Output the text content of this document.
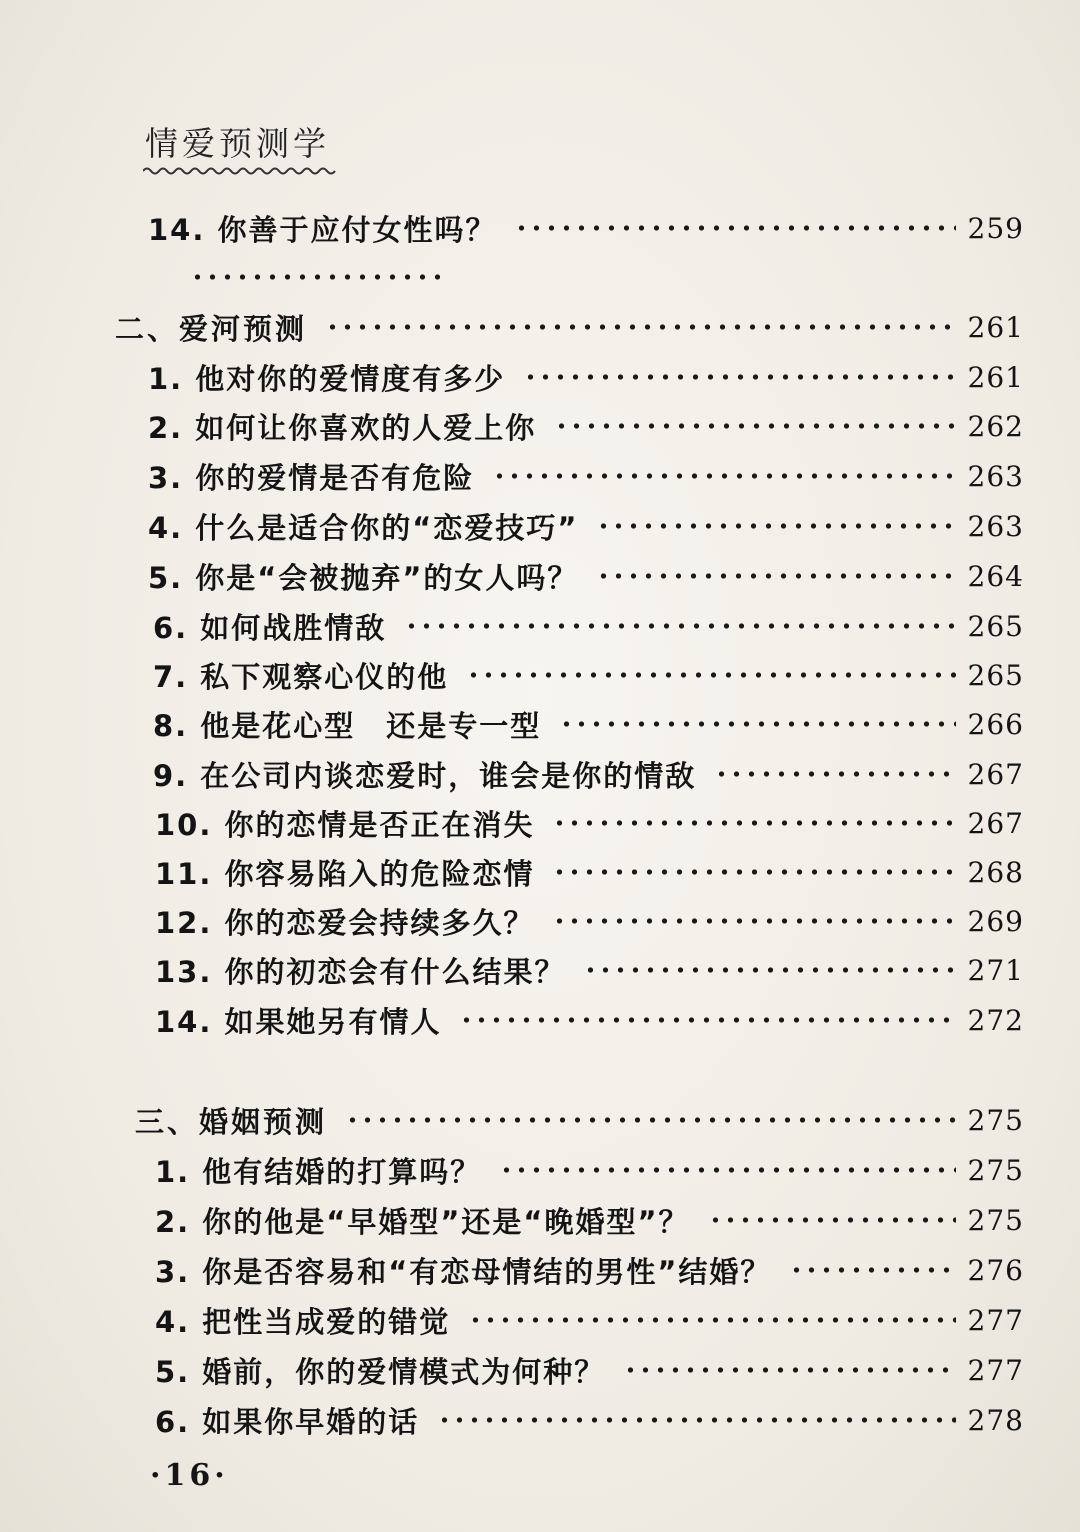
情爱预测学
14. 你善于应付女性吗？	259
二、爱河预测	261
1. 他对你的爱情度有多少	261
2. 如何让你喜欢的人爱上你	262
3. 你的爱情是否有危险	263
4. 什么是适合你的“恋爱技巧”	263
5. 你是“会被抛弃”的女人吗？	264
6. 如何战胜情敌	265
7. 私下观察心仪的他	265
8. 他是花心型　还是专一型	266
9. 在公司内谈恋爱时，谁会是你的情敌	267
10. 你的恋情是否正在消失	267
11. 你容易陷入的危险恋情	268
12. 你的恋爱会持续多久？	269
13. 你的初恋会有什么结果？	271
14. 如果她另有情人	272
三、婚姻预测	275
1. 他有结婚的打算吗？	275
2. 你的他是“早婚型”还是“晚婚型”？	275
3. 你是否容易和“有恋母情结的男性”结婚？	276
4. 把性当成爱的错觉	277
5. 婚前，你的爱情模式为何种？	277
6. 如果你早婚的话	278
·16·
